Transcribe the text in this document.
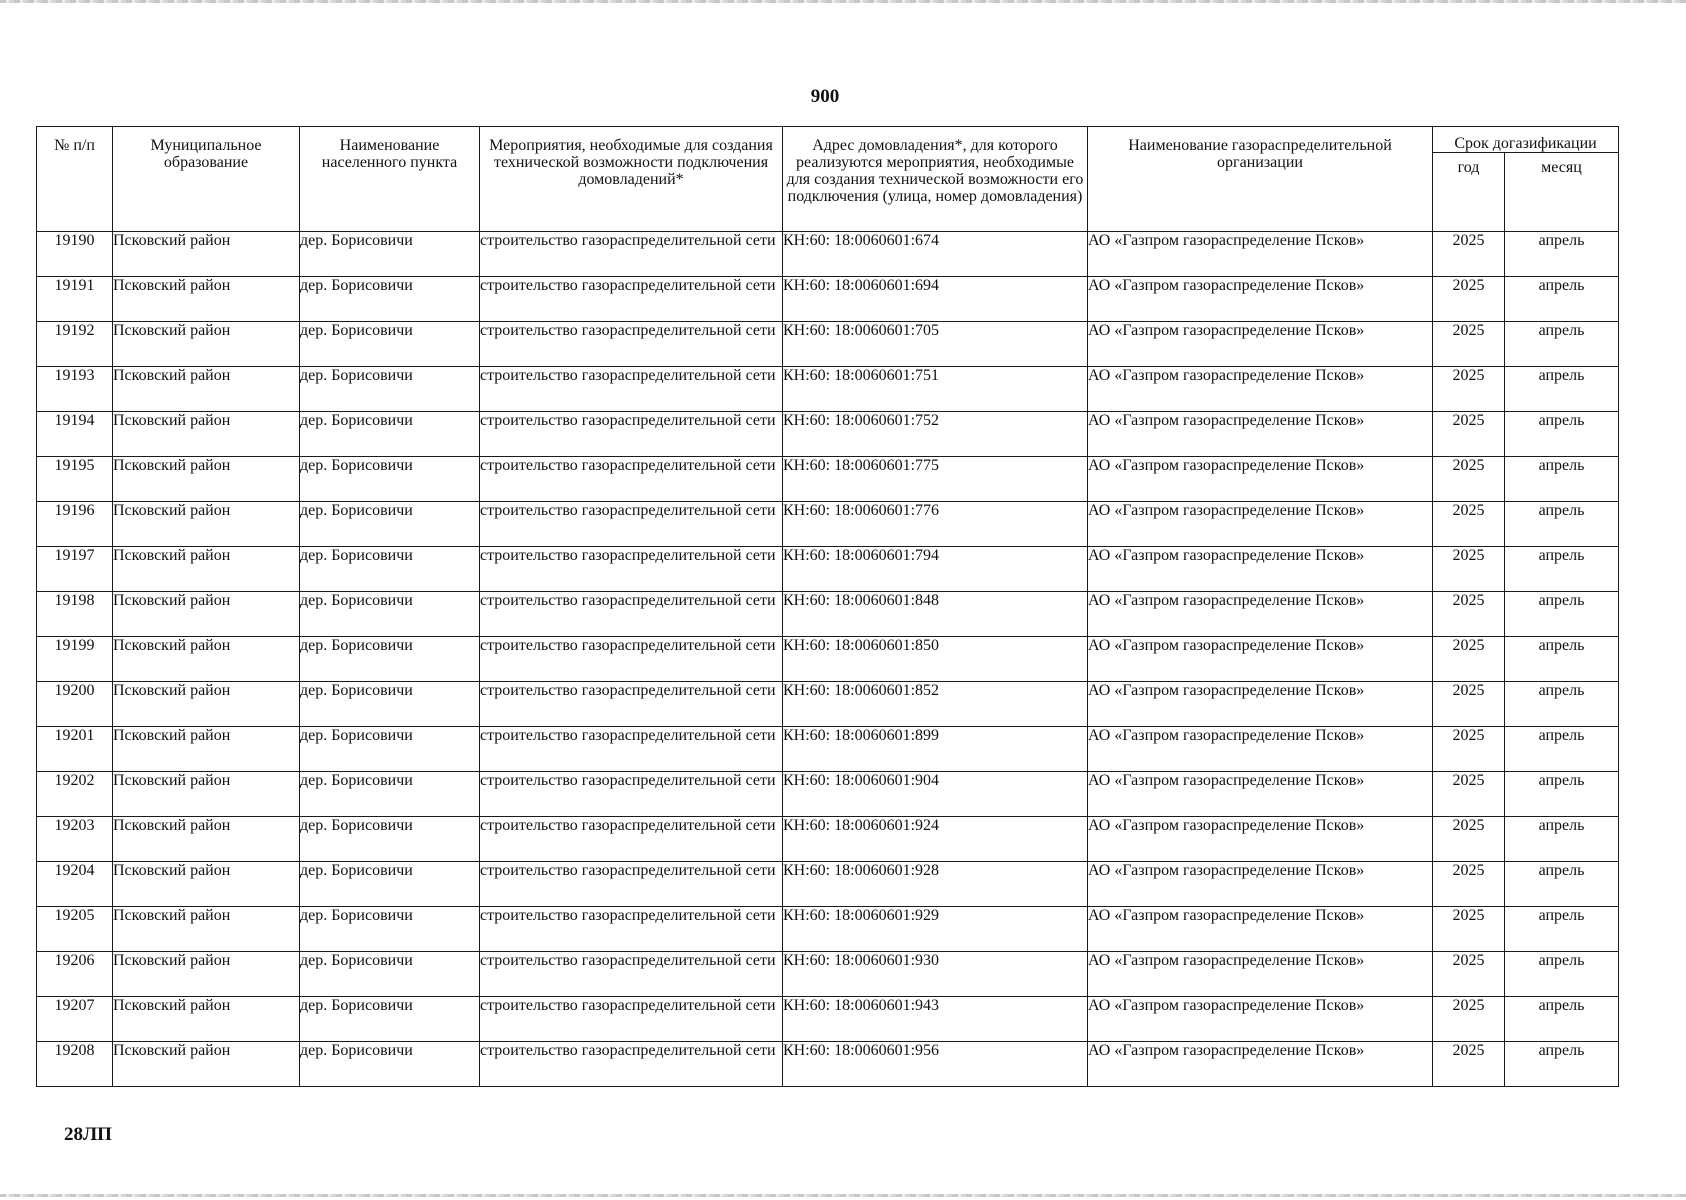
900
№ п/п	Муниципальное образование	Наименование населенного пункта	Мероприятия, необходимые для создания технической возможности подключения домовладений*	Адрес домовладения*, для которого реализуются мероприятия, необходимые для создания технической возможности его подключения (улица, номер домовладения)	Наименование газораспределительной организации	Срок догазификации	
						год	месяц
19190	Псковский район	дер. Борисовичи	строительство газораспределительной сети	КН:60: 18:0060601:674	АО «Газпром газораспределение Псков»	2025	апрель
19191	Псковский район	дер. Борисовичи	строительство газораспределительной сети	КН:60: 18:0060601:694	АО «Газпром газораспределение Псков»	2025	апрель
19192	Псковский район	дер. Борисовичи	строительство газораспределительной сети	КН:60: 18:0060601:705	АО «Газпром газораспределение Псков»	2025	апрель
19193	Псковский район	дер. Борисовичи	строительство газораспределительной сети	КН:60: 18:0060601:751	АО «Газпром газораспределение Псков»	2025	апрель
19194	Псковский район	дер. Борисовичи	строительство газораспределительной сети	КН:60: 18:0060601:752	АО «Газпром газораспределение Псков»	2025	апрель
19195	Псковский район	дер. Борисовичи	строительство газораспределительной сети	КН:60: 18:0060601:775	АО «Газпром газораспределение Псков»	2025	апрель
19196	Псковский район	дер. Борисовичи	строительство газораспределительной сети	КН:60: 18:0060601:776	АО «Газпром газораспределение Псков»	2025	апрель
19197	Псковский район	дер. Борисовичи	строительство газораспределительной сети	КН:60: 18:0060601:794	АО «Газпром газораспределение Псков»	2025	апрель
19198	Псковский район	дер. Борисовичи	строительство газораспределительной сети	КН:60: 18:0060601:848	АО «Газпром газораспределение Псков»	2025	апрель
19199	Псковский район	дер. Борисовичи	строительство газораспределительной сети	КН:60: 18:0060601:850	АО «Газпром газораспределение Псков»	2025	апрель
19200	Псковский район	дер. Борисовичи	строительство газораспределительной сети	КН:60: 18:0060601:852	АО «Газпром газораспределение Псков»	2025	апрель
19201	Псковский район	дер. Борисовичи	строительство газораспределительной сети	КН:60: 18:0060601:899	АО «Газпром газораспределение Псков»	2025	апрель
19202	Псковский район	дер. Борисовичи	строительство газораспределительной сети	КН:60: 18:0060601:904	АО «Газпром газораспределение Псков»	2025	апрель
19203	Псковский район	дер. Борисовичи	строительство газораспределительной сети	КН:60: 18:0060601:924	АО «Газпром газораспределение Псков»	2025	апрель
19204	Псковский район	дер. Борисовичи	строительство газораспределительной сети	КН:60: 18:0060601:928	АО «Газпром газораспределение Псков»	2025	апрель
19205	Псковский район	дер. Борисовичи	строительство газораспределительной сети	КН:60: 18:0060601:929	АО «Газпром газораспределение Псков»	2025	апрель
19206	Псковский район	дер. Борисовичи	строительство газораспределительной сети	КН:60: 18:0060601:930	АО «Газпром газораспределение Псков»	2025	апрель
19207	Псковский район	дер. Борисовичи	строительство газораспределительной сети	КН:60: 18:0060601:943	АО «Газпром газораспределение Псков»	2025	апрель
19208	Псковский район	дер. Борисовичи	строительство газораспределительной сети	КН:60: 18:0060601:956	АО «Газпром газораспределение Псков»	2025	апрель
28ЛП
